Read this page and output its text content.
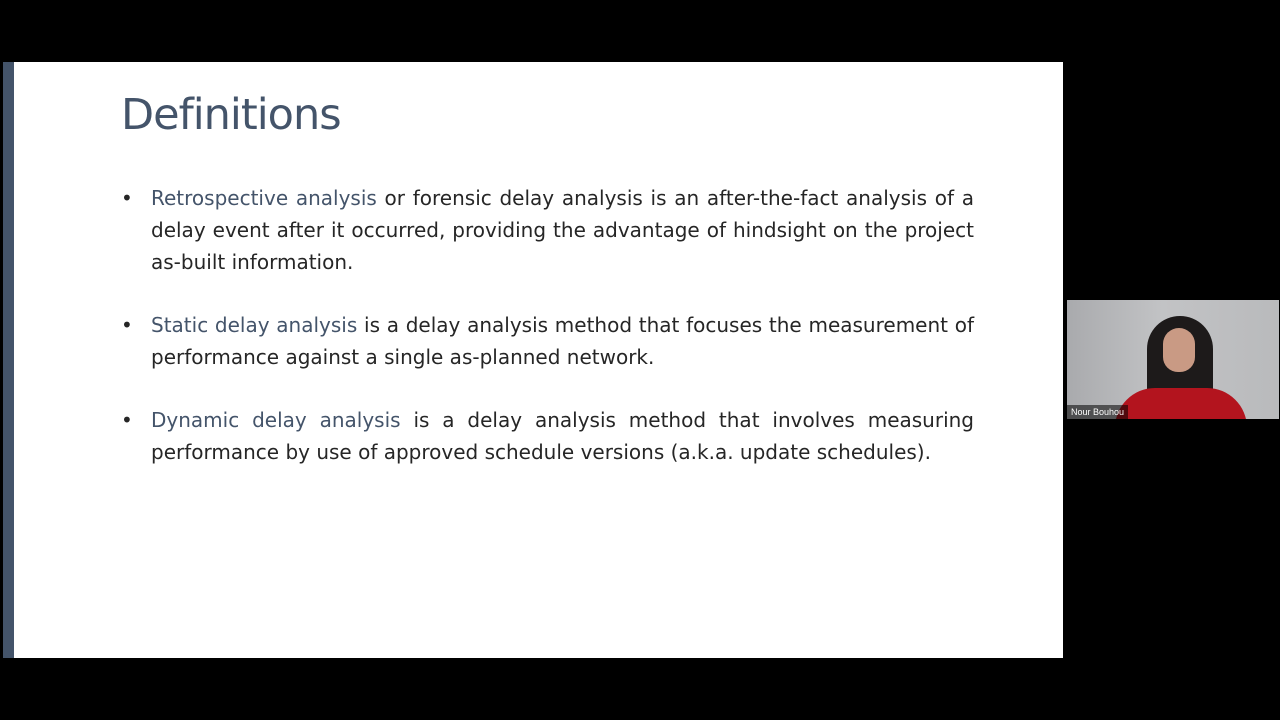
Definitions
• Retrospective analysis or forensic delay analysis is an after-the-fact analysis of a delay event after it occurred, providing the advantage of hindsight on the project as-built information.
• Static delay analysis is a delay analysis method that focuses the measurement of performance against a single as-planned network.
• Dynamic delay analysis is a delay analysis method that involves measuring performance by use of approved schedule versions (a.k.a. update schedules).
Nour Bouhou
